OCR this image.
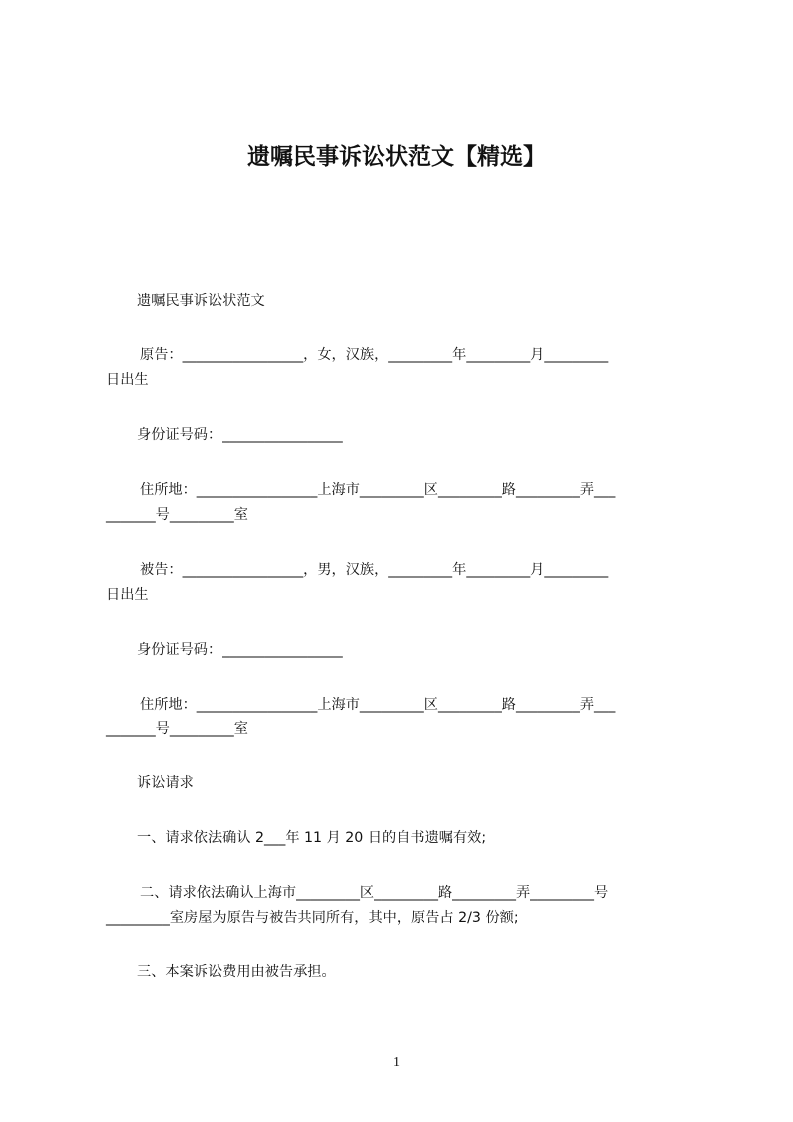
遗嘱民事诉讼状范文【精选】
遗嘱民事诉讼状范文
原告：_________________，女，汉族，_________年_________月_________
日出生
身份证号码：_________________
住所地：_________________上海市_________区_________路_________弄___
_______号_________室
被告：_________________，男，汉族，_________年_________月_________
日出生
身份证号码：_________________
住所地：_________________上海市_________区_________路_________弄___
_______号_________室
诉讼请求
一、请求依法确认 2___年 11 月 20 日的自书遗嘱有效;
二、请求依法确认上海市_________区_________路_________弄_________号
_________室房屋为原告与被告共同所有，其中，原告占 2/3 份额;
三、本案诉讼费用由被告承担。
1
